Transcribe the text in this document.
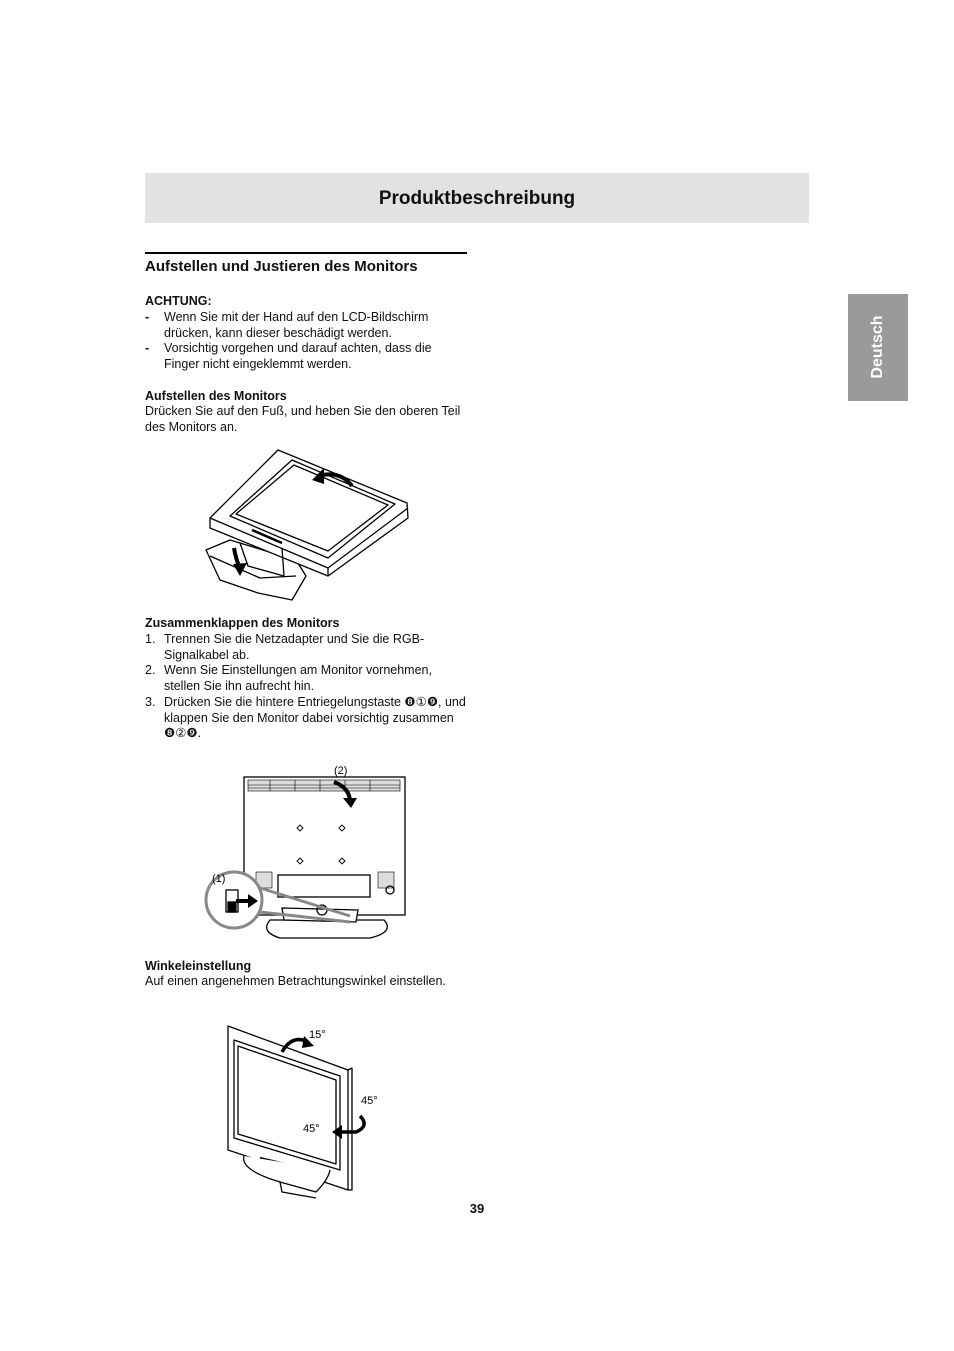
Produktbeschreibung
Deutsch
Aufstellen und Justieren des Monitors
ACHTUNG:
- Wenn Sie mit der Hand auf den LCD-Bildschirm drücken, kann dieser beschädigt werden.
- Vorsichtig vorgehen und darauf achten, dass die Finger nicht eingeklemmt werden.
Aufstellen des Monitors
Drücken Sie auf den Fuß, und heben Sie den oberen Teil des Monitors an.
Zusammenklappen des Monitors
1. Trennen Sie die Netzadapter und Sie die RGB-Signalkabel ab.
2. Wenn Sie Einstellungen am Monitor vornehmen, stellen Sie ihn aufrecht hin.
3. Drücken Sie die hintere Entriegelungstaste ❽①❾, und klappen Sie den Monitor dabei vorsichtig zusammen ❽②❾.
(2)
(1)
Winkeleinstellung
Auf einen angenehmen Betrachtungswinkel einstellen.
15°
45°
45°
39
